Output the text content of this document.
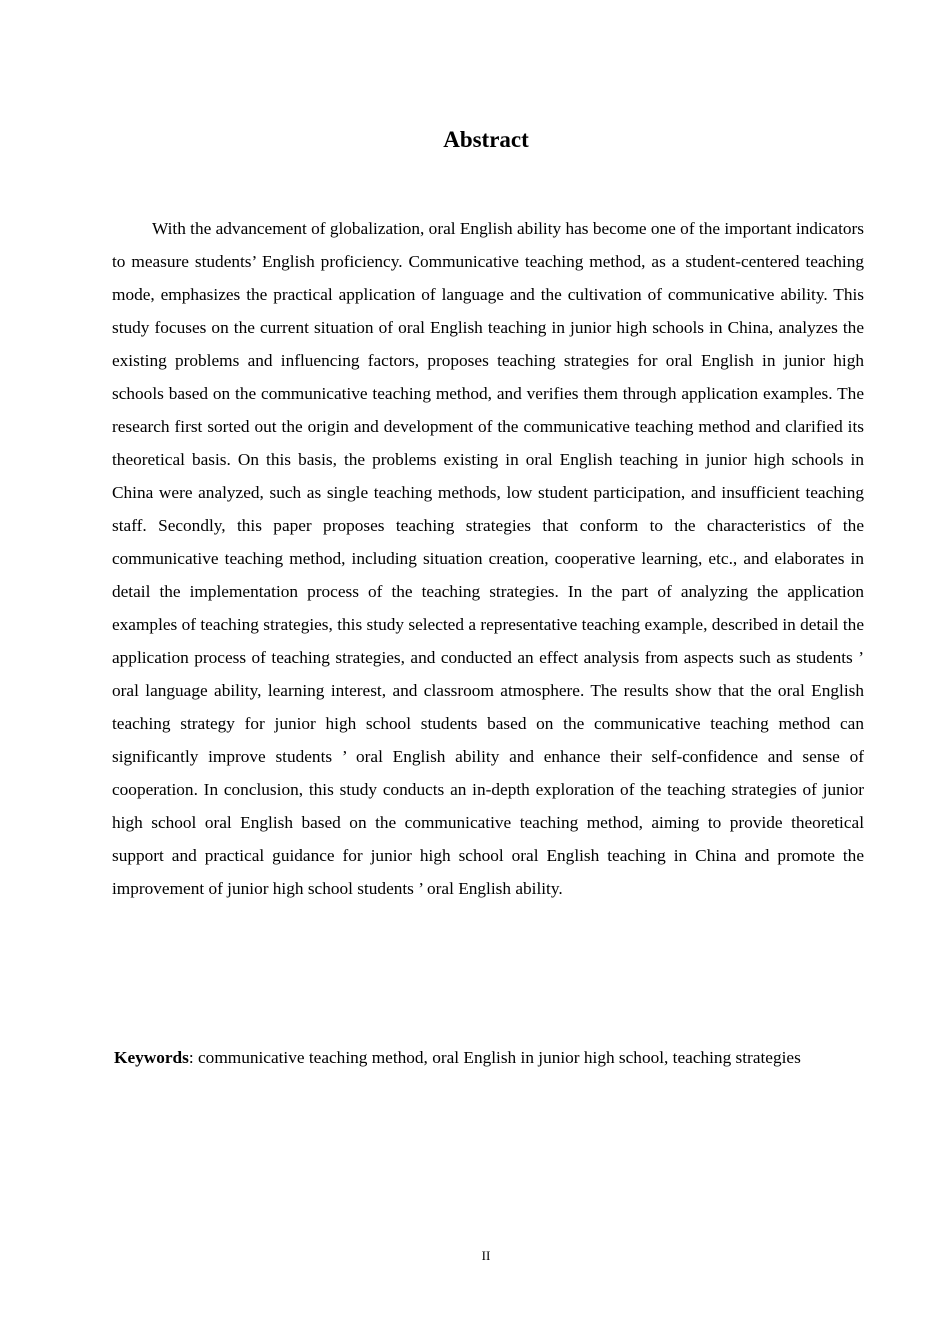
Abstract

With the advancement of globalization, oral English ability has become one of the important indicators to measure students’ English proficiency. Communicative teaching method, as a student-centered teaching mode, emphasizes the practical application of language and the cultivation of communicative ability. This study focuses on the current situation of oral English teaching in junior high schools in China, analyzes the existing problems and influencing factors, proposes teaching strategies for oral English in junior high schools based on the communicative teaching method, and verifies them through application examples. The research first sorted out the origin and development of the communicative teaching method and clarified its theoretical basis. On this basis, the problems existing in oral English teaching in junior high schools in China were analyzed, such as single teaching methods, low student participation, and insufficient teaching staff. Secondly, this paper proposes teaching strategies that conform to the characteristics of the communicative teaching method, including situation creation, cooperative learning, etc., and elaborates in detail the implementation process of the teaching strategies. In the part of analyzing the application examples of teaching strategies, this study selected a representative teaching example, described in detail the application process of teaching strategies, and conducted an effect analysis from aspects such as students ’ oral language ability, learning interest, and classroom atmosphere. The results show that the oral English teaching strategy for junior high school students based on the communicative teaching method can significantly improve students ’ oral English ability and enhance their self-confidence and sense of cooperation. In conclusion, this study conducts an in-depth exploration of the teaching strategies of junior high school oral English based on the communicative teaching method, aiming to provide theoretical support and practical guidance for junior high school oral English teaching in China and promote the improvement of junior high school students ’ oral English ability.

Keywords: communicative teaching method, oral English in junior high school, teaching strategies

II
